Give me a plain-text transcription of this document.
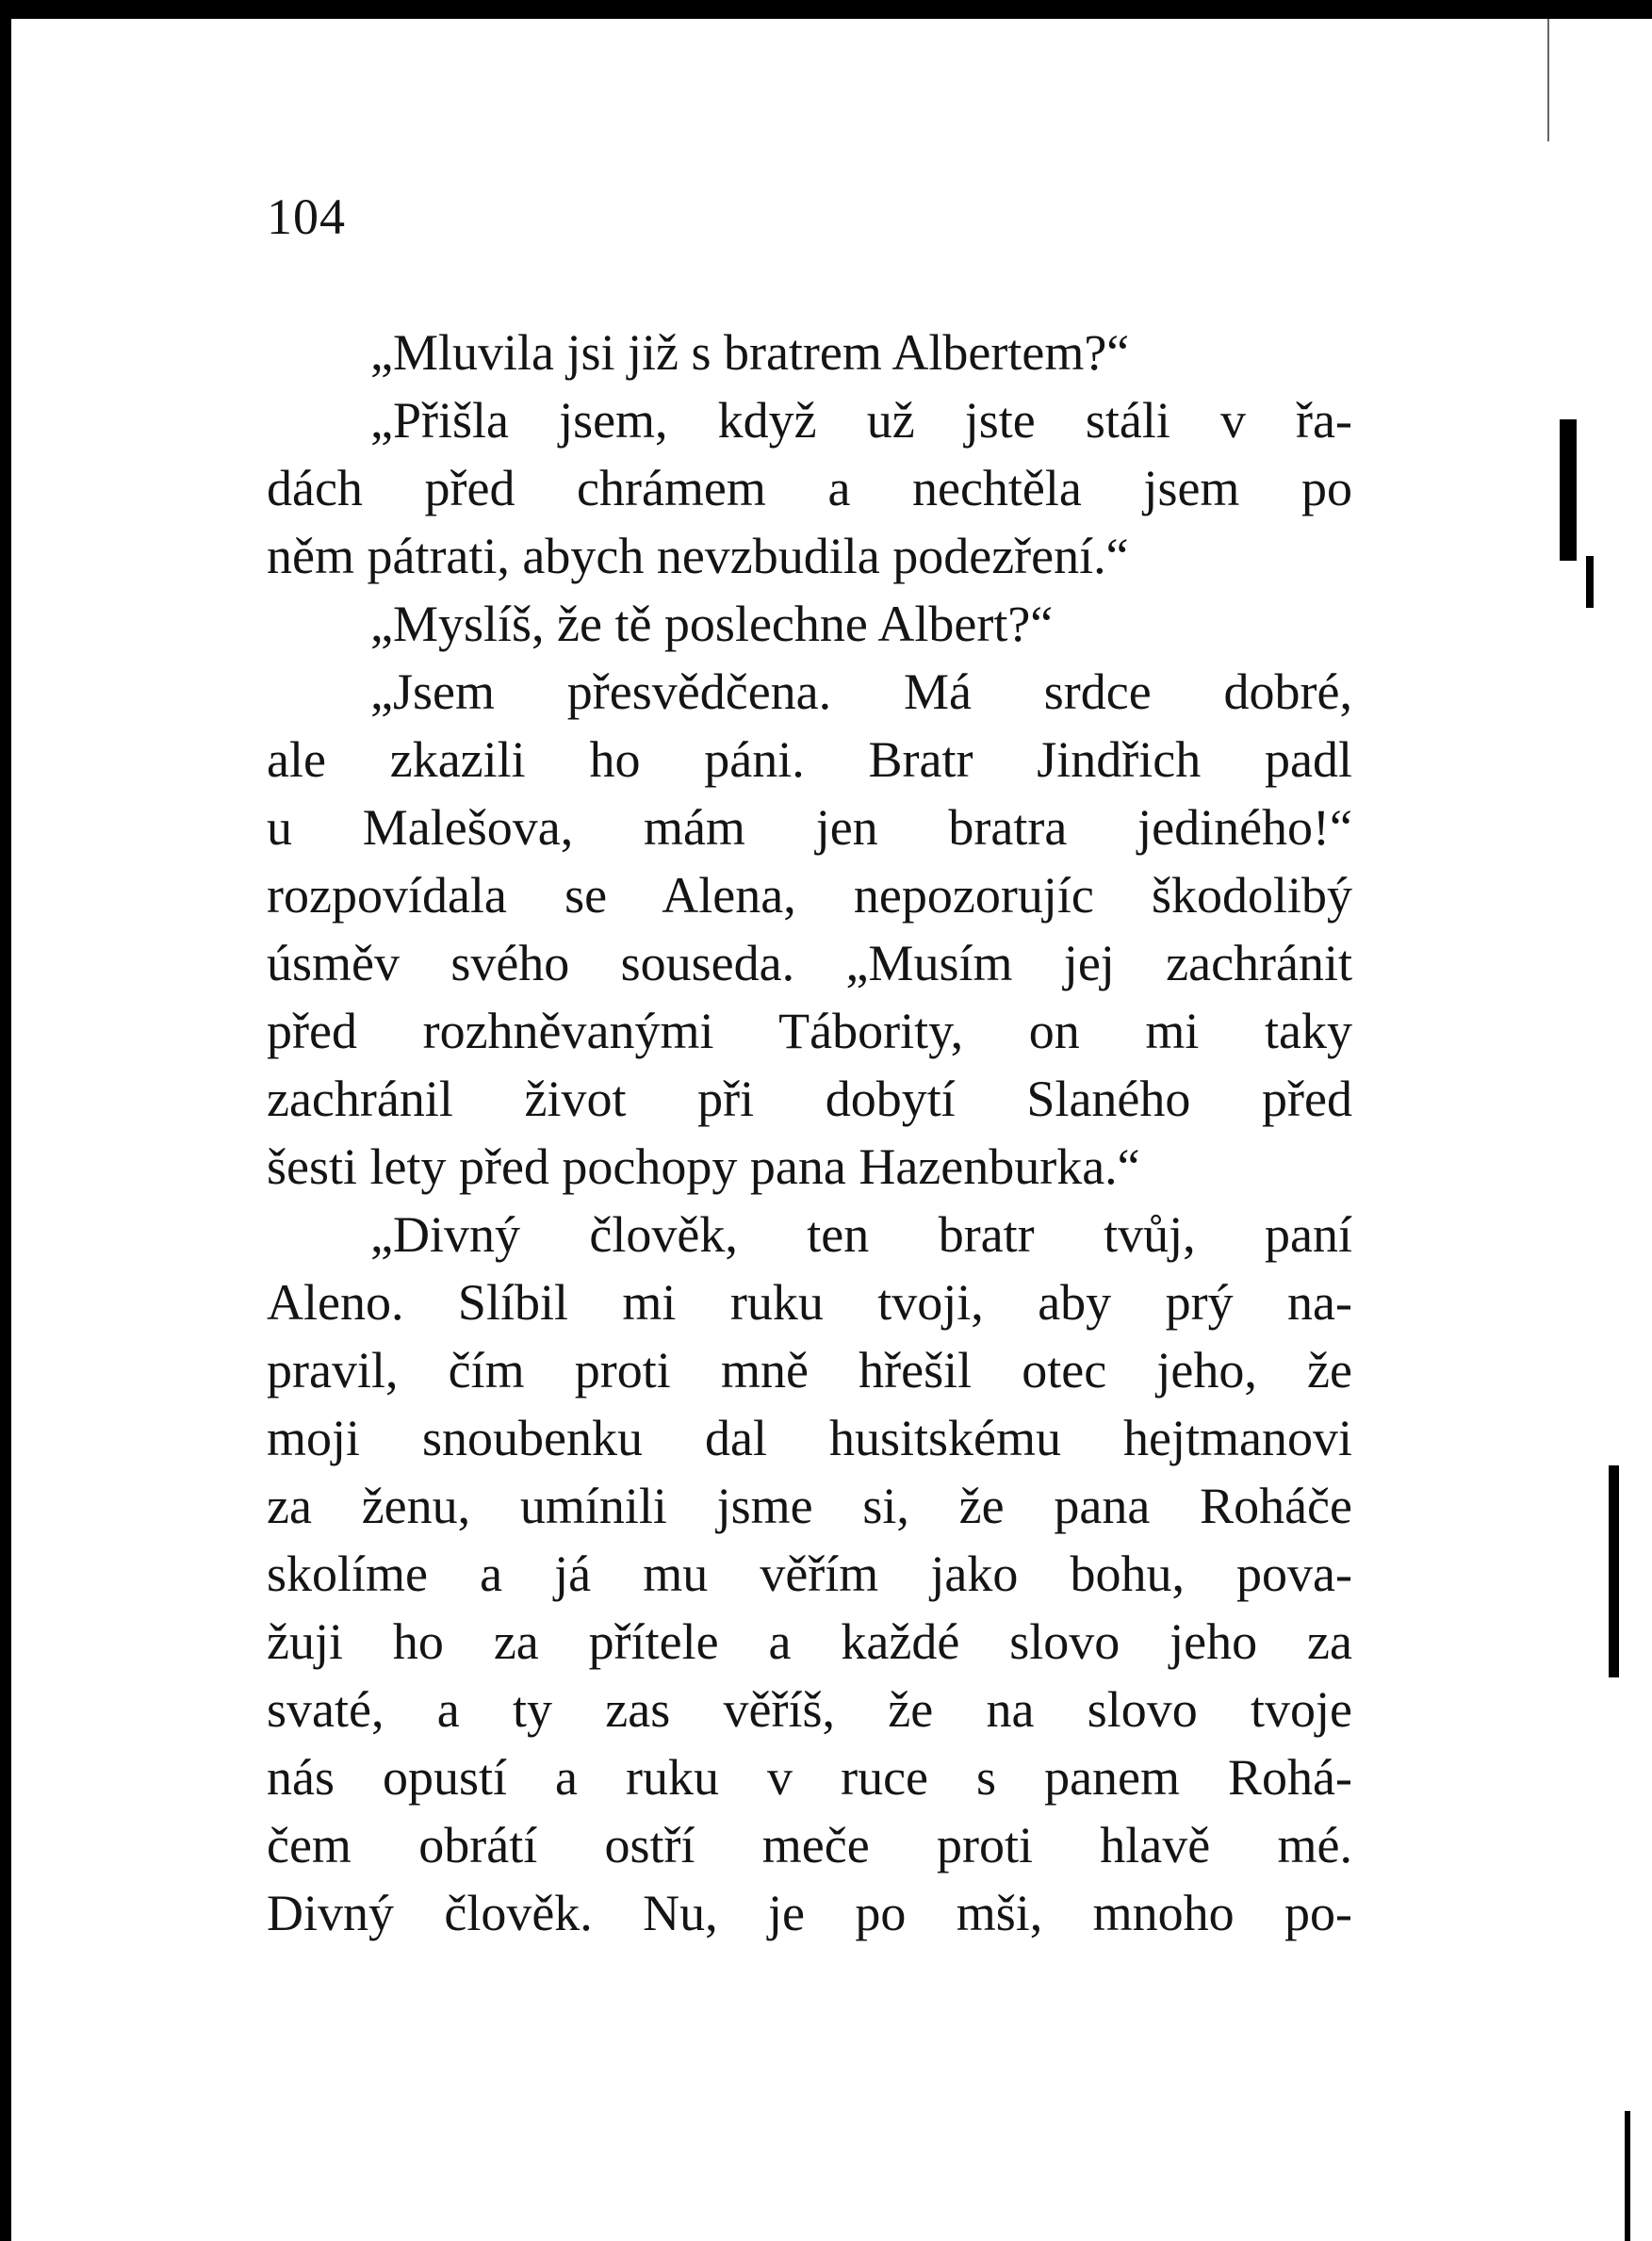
104
„Mluvila jsi již s bratrem Albertem?“
„Přišla jsem, když už jste stáli v řa-
dách před chrámem a nechtěla jsem po
něm pátrati, abych nevzbudila podezření.“
„Myslíš, že tě poslechne Albert?“
„Jsem přesvědčena. Má srdce dobré,
ale zkazili ho páni. Bratr Jindřich padl
u Malešova, mám jen bratra jediného!“
rozpovídala se Alena, nepozorujíc škodolibý
úsměv svého souseda. „Musím jej zachránit
před rozhněvanými Tábority, on mi taky
zachránil život při dobytí Slaného před
šesti lety před pochopy pana Hazenburka.“
„Divný člověk, ten bratr tvůj, paní
Aleno. Slíbil mi ruku tvoji, aby prý na-
pravil, čím proti mně hřešil otec jeho, že
moji snoubenku dal husitskému hejtmanovi
za ženu, umínili jsme si, že pana Roháče
skolíme a já mu věřím jako bohu, pova-
žuji ho za přítele a každé slovo jeho za
svaté, a ty zas věříš, že na slovo tvoje
nás opustí a ruku v ruce s panem Rohá-
čem obrátí ostří meče proti hlavě mé.
Divný člověk. Nu, je po mši, mnoho po-
